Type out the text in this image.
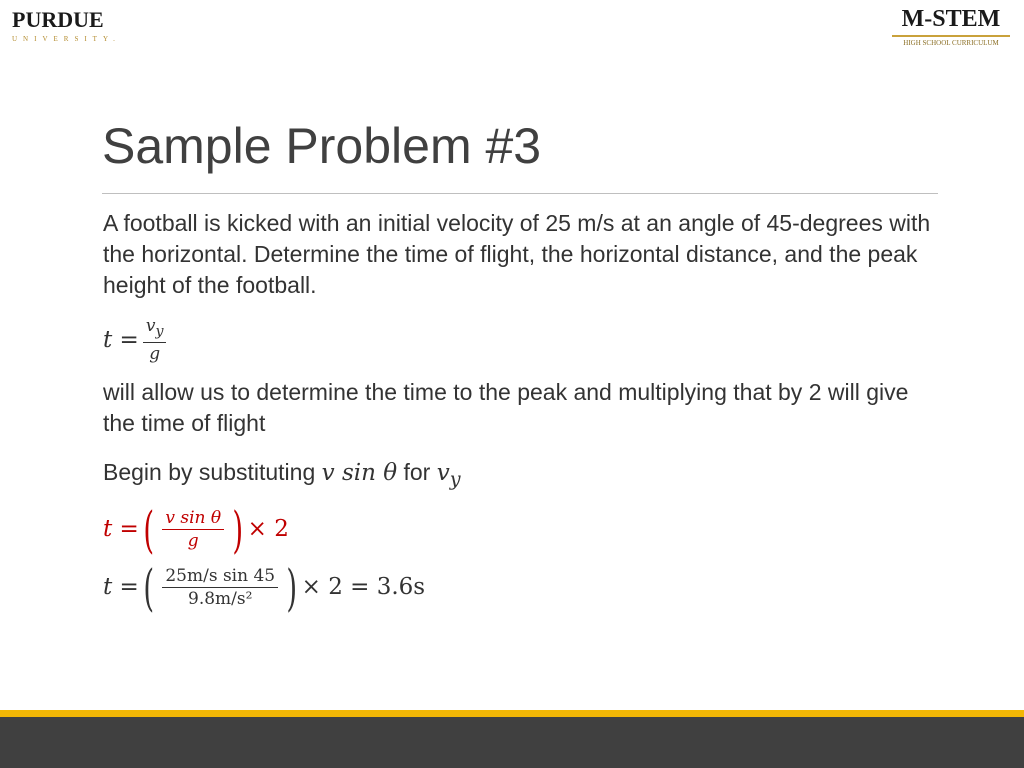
PURDUE
UNIVERSITY.
M-STEM
HIGH SCHOOL CURRICULUM
Sample Problem #3

A football is kicked with an initial velocity of 25 m/s at an angle of 45-degrees with the horizontal. Determine the time of flight, the horizontal distance, and the peak height of the football.

$t = \frac{v_y}{g}$

will allow us to determine the time to the peak and multiplying that by 2 will give the time of flight

Begin by substituting v sin θ for $v_y$

t = ( $\frac{\text{v sin θ}}{g}$ ) × 2
t = ( $\frac{\text{25m/s sin 45}}{\text{9.8m/s²}}$ ) × 2 = 3.6s
